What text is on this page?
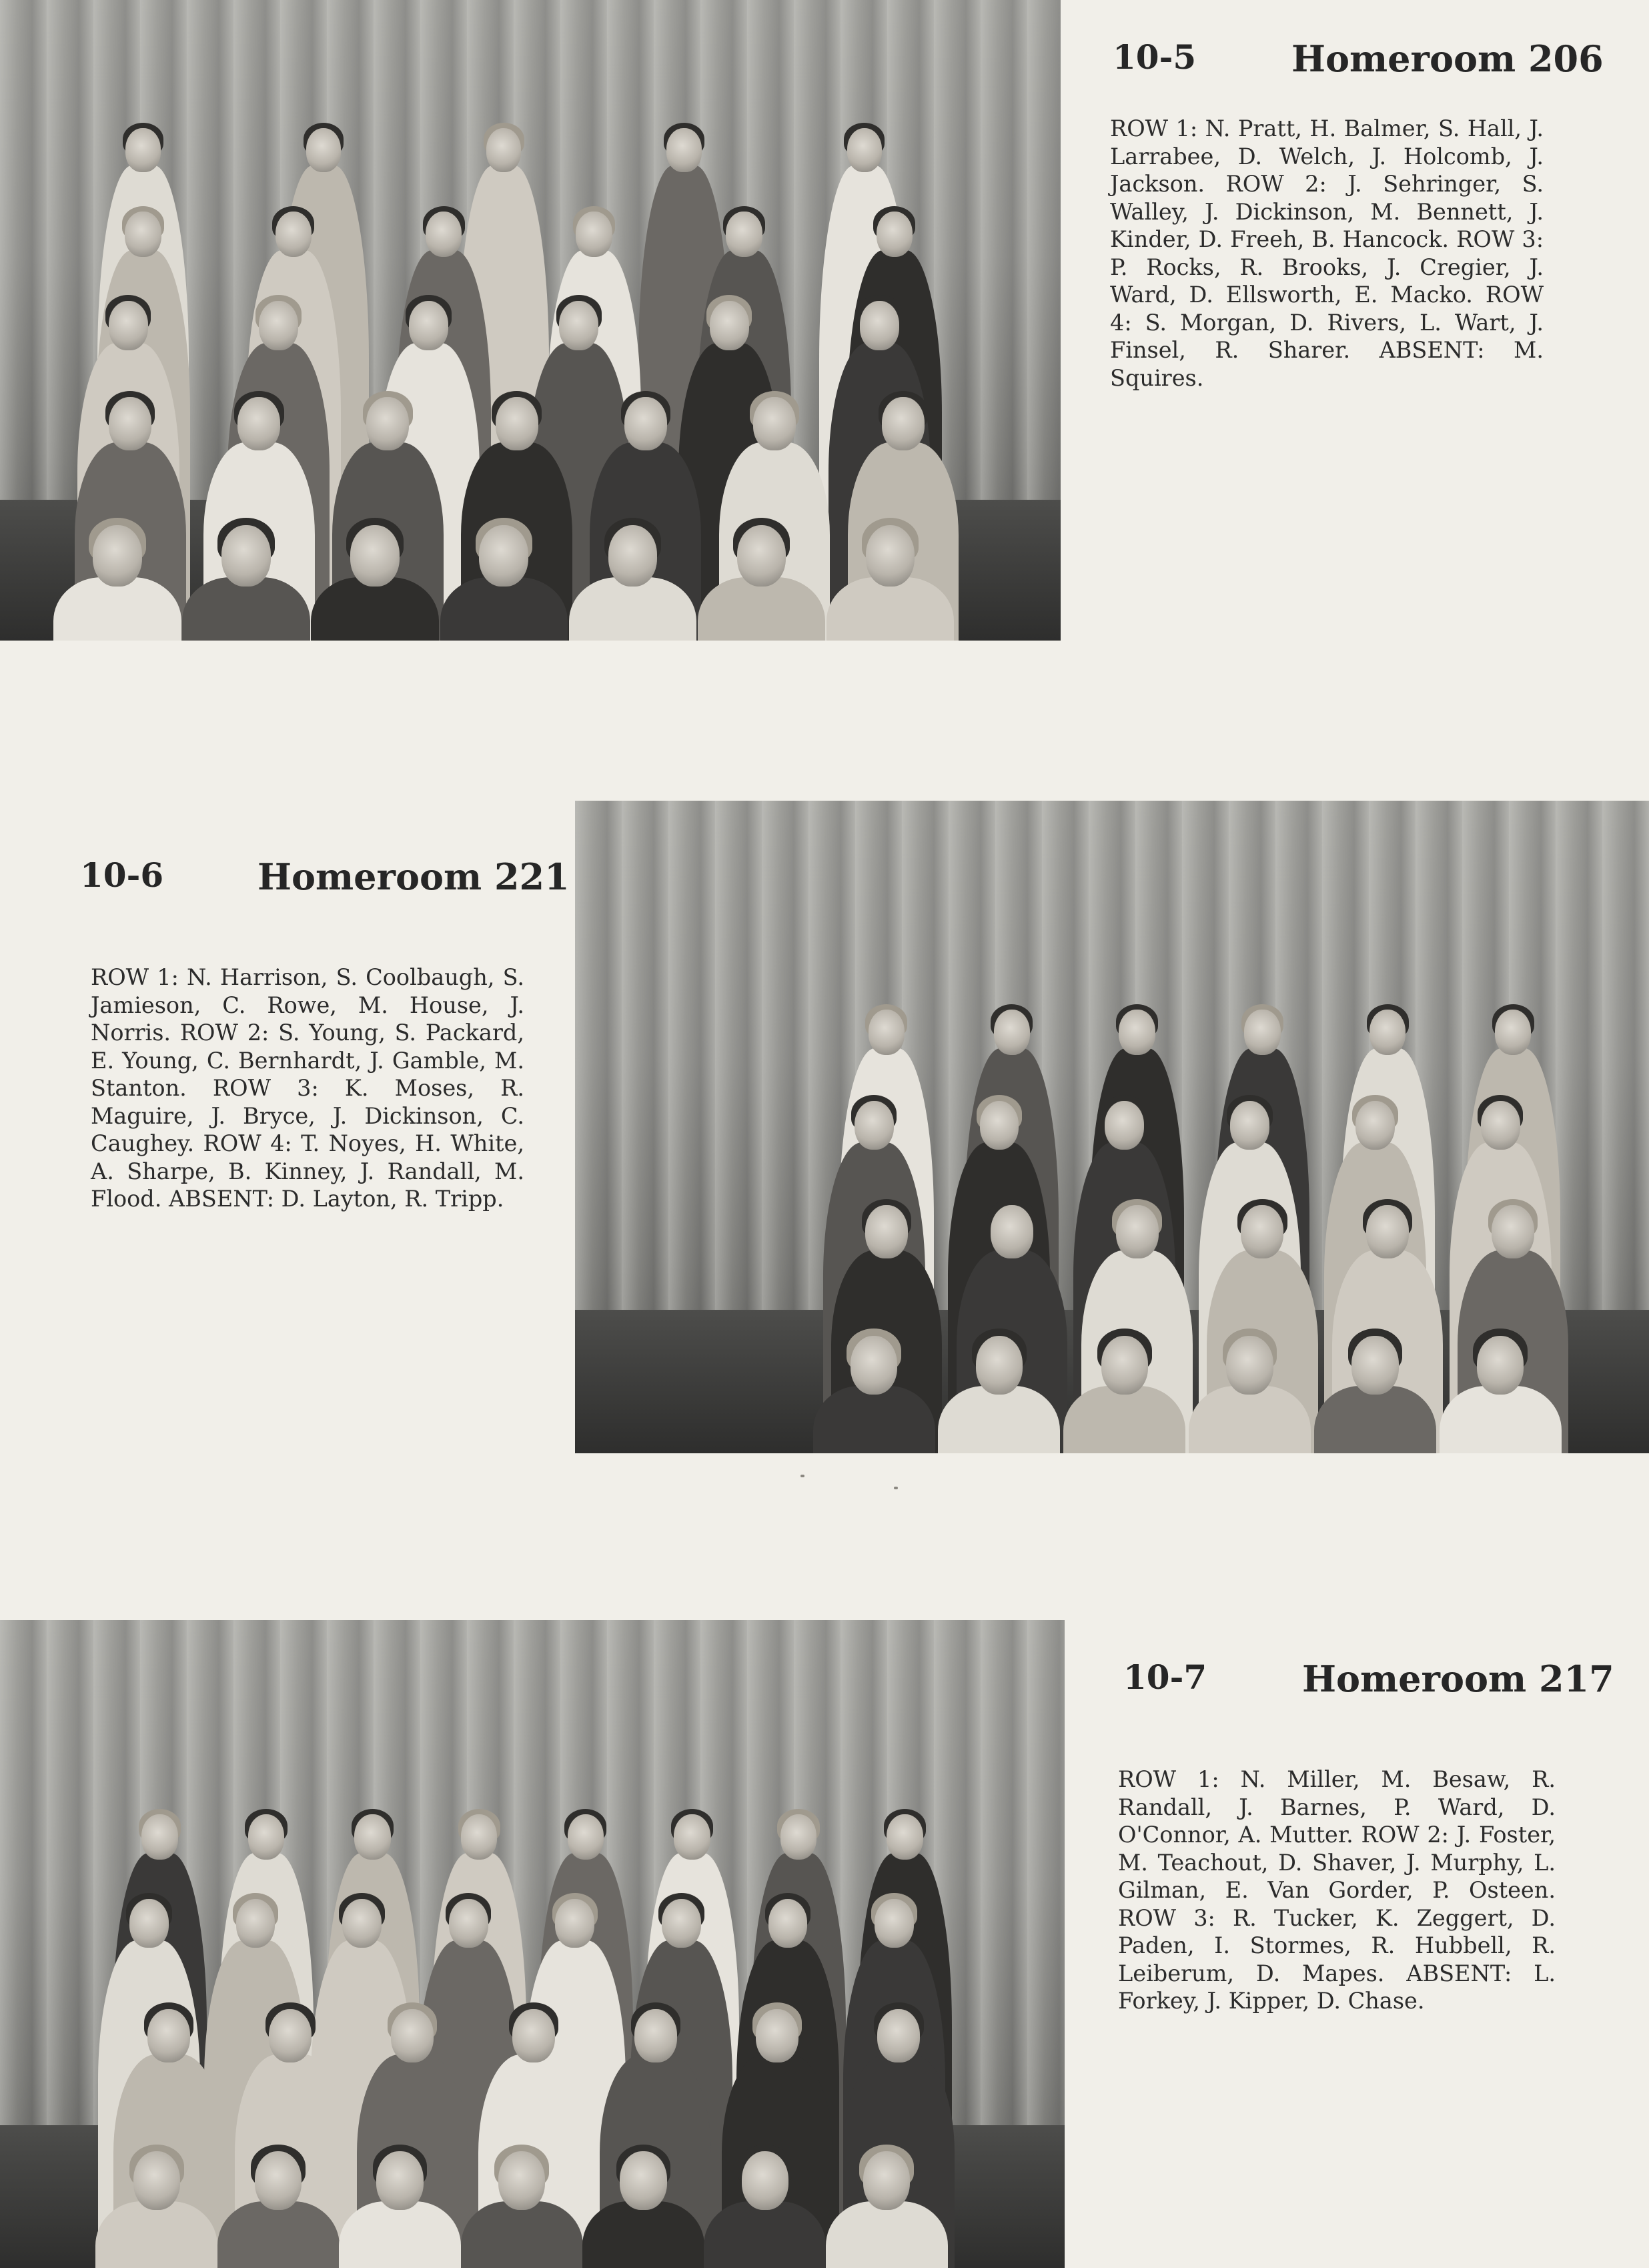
10-5	Homeroom 206
ROW 1: N. Pratt, H. Balmer, S. Hall, J. Larrabee, D. Welch, J. Holcomb, J. Jackson. ROW 2: J. Sehringer, S. Walley, J. Dickinson, M. Bennett, J. Kinder, D. Freeh, B. Hancock. ROW 3: P. Rocks, R. Brooks, J. Cregier, J. Ward, D. Ellsworth, E. Macko. ROW 4: S. Morgan, D. Rivers, L. Wart, J. Finsel, R. Sharer. ABSENT: M. Squires.
10-6	Homeroom 221
ROW 1: N. Harrison, S. Coolbaugh, S. Jamieson, C. Rowe, M. House, J. Norris. ROW 2: S. Young, S. Packard, E. Young, C. Bernhardt, J. Gamble, M. Stanton. ROW 3: K. Moses, R. Maguire, J. Bryce, J. Dickinson, C. Caughey. ROW 4: T. Noyes, H. White, A. Sharpe, B. Kinney, J. Randall, M. Flood. ABSENT: D. Layton, R. Tripp.
10-7	Homeroom 217
ROW 1: N. Miller, M. Besaw, R. Randall, J. Barnes, P. Ward, D. O'Connor, A. Mutter. ROW 2: J. Foster, M. Teachout, D. Shaver, J. Murphy, L. Gilman, E. Van Gorder, P. Osteen. ROW 3: R. Tucker, K. Zeggert, D. Paden, I. Stormes, R. Hubbell, R. Leiberum, D. Mapes. ABSENT: L. Forkey, J. Kipper, D. Chase.
